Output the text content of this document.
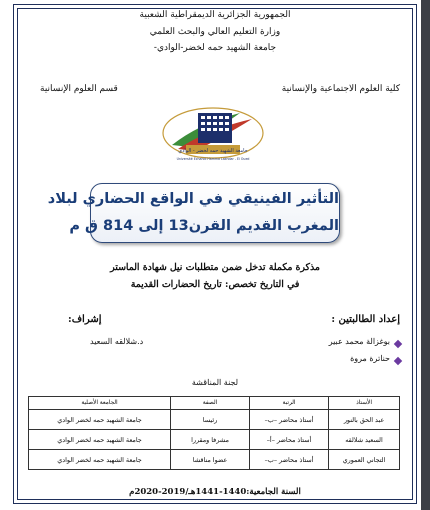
الجمهورية الجزائرية الديمقراطية الشعبية
وزارة التعليم العالي والبحث العلمي
جامعة الشهيد حمه لخضر-الوادي-
كلية العلوم الاجتماعية والإنسانية
قسم العلوم الإنسانية
جامعة الشهيد حمه لخضر - الوادي
Université Echahid Hamma Lakhdar - El Oued
التأثير الفينيقي في الواقع الحضاري لبلاد
المغرب القديم القرن13 إلى 814 ق م
مذكرة مكملة تدخل ضمن متطلبات نيل شهادة الماستر
في التاريخ تخصص: تاريخ الحضارات القديمة
إعداد الطالبتين :
إشراف:
بوغزالة محمد عبير
د.شلالقه السعيد
حناترة مروة
لجنة المناقشة
الأستاذ	الرتبة	الصفة	الجامعة الأصلية
عبد الحق بالنور	أستاذ محاضر –ب–	رئيسا	جامعة الشهيد حمه لخضر الوادي
السعيد شلالقه	أستاذ محاضر –أ–	مشرفا ومقررا	جامعة الشهيد حمه لخضر الوادي
التجاني العموري	أستاذ محاضر –ب–	عضوا مناقشا	جامعة الشهيد حمه لخضر الوادي
السنة الجامعية:1440-1441هـ/2019-2020م
